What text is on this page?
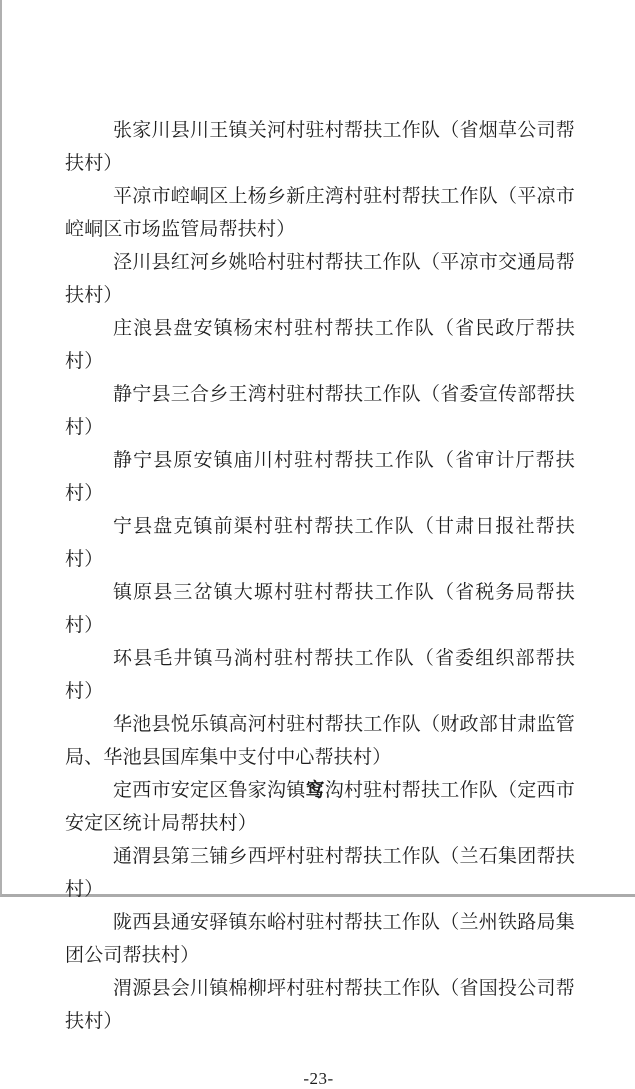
张家川县川王镇关河村驻村帮扶工作队（省烟草公司帮扶村）

平凉市崆峒区上杨乡新庄湾村驻村帮扶工作队（平凉市崆峒区市场监管局帮扶村）

泾川县红河乡姚哈村驻村帮扶工作队（平凉市交通局帮扶村）

庄浪县盘安镇杨宋村驻村帮扶工作队（省民政厅帮扶村）

静宁县三合乡王湾村驻村帮扶工作队（省委宣传部帮扶村）

静宁县原安镇庙川村驻村帮扶工作队（省审计厅帮扶村）

宁县盘克镇前渠村驻村帮扶工作队（甘肃日报社帮扶村）

镇原县三岔镇大塬村驻村帮扶工作队（省税务局帮扶村）

环县毛井镇马淌村驻村帮扶工作队（省委组织部帮扶村）

华池县悦乐镇高河村驻村帮扶工作队（财政部甘肃监管局、华池县国库集中支付中心帮扶村）

定西市安定区鲁家沟镇窎沟村驻村帮扶工作队（定西市安定区统计局帮扶村）

通渭县第三铺乡西坪村驻村帮扶工作队（兰石集团帮扶村）

陇西县通安驿镇东峪村驻村帮扶工作队（兰州铁路局集团公司帮扶村）

渭源县会川镇棉柳坪村驻村帮扶工作队（省国投公司帮扶村）

-23-
